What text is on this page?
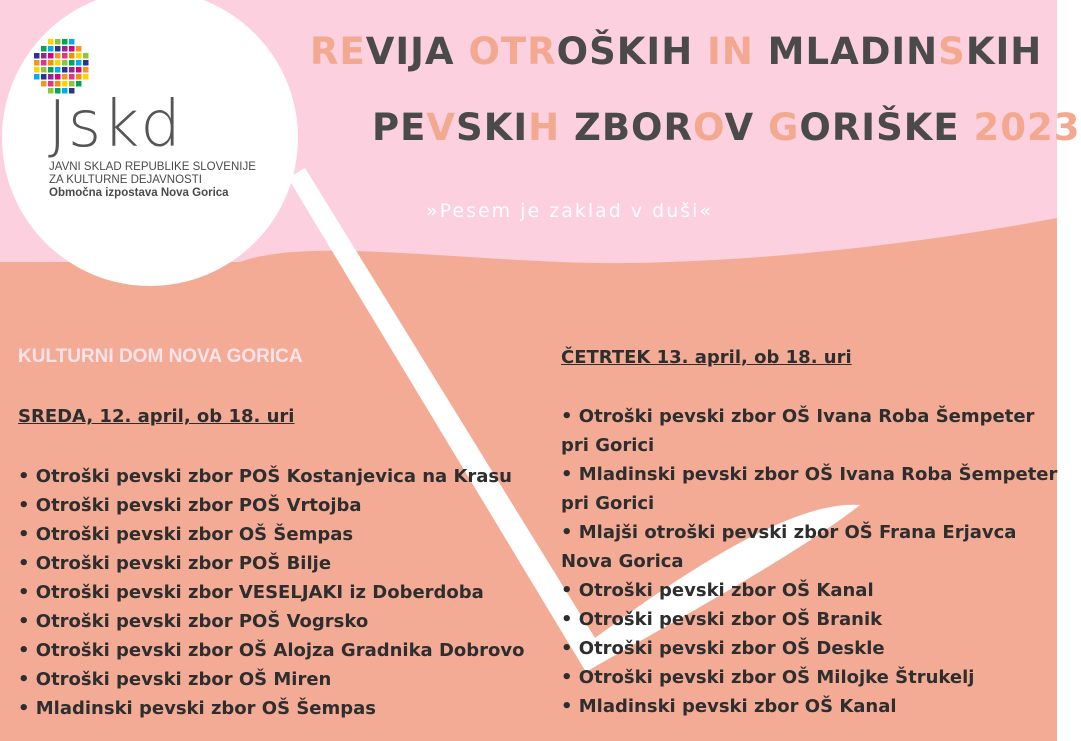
Jskd
JAVNI SKLAD REPUBLIKE SLOVENIJE
ZA KULTURNE DEJAVNOSTI
Območna izpostava Nova Gorica
REVIJA OTROŠKIH IN MLADINSKIH
PEVSKIH ZBOROV GORIŠKE 2023
»Pesem je zaklad v duši«
KULTURNI DOM NOVA GORICA
SREDA, 12. april, ob 18. uri
• Otroški pevski zbor POŠ Kostanjevica na Krasu
• Otroški pevski zbor POŠ Vrtojba
• Otroški pevski zbor OŠ Šempas
• Otroški pevski zbor POŠ Bilje
• Otroški pevski zbor VESELJAKI iz Doberdoba
• Otroški pevski zbor POŠ Vogrsko
• Otroški pevski zbor OŠ Alojza Gradnika Dobrovo
• Otroški pevski zbor OŠ Miren
• Mladinski pevski zbor OŠ Šempas
ČETRTEK 13. april, ob 18. uri
• Otroški pevski zbor OŠ Ivana Roba Šempeter
pri Gorici
• Mladinski pevski zbor OŠ Ivana Roba Šempeter
pri Gorici
• Mlajši otroški pevski zbor OŠ Frana Erjavca
Nova Gorica
• Otroški pevski zbor OŠ Kanal
• Otroški pevski zbor OŠ Branik
• Otroški pevski zbor OŠ Deskle
• Otroški pevski zbor OŠ Milojke Štrukelj
• Mladinski pevski zbor OŠ Kanal
